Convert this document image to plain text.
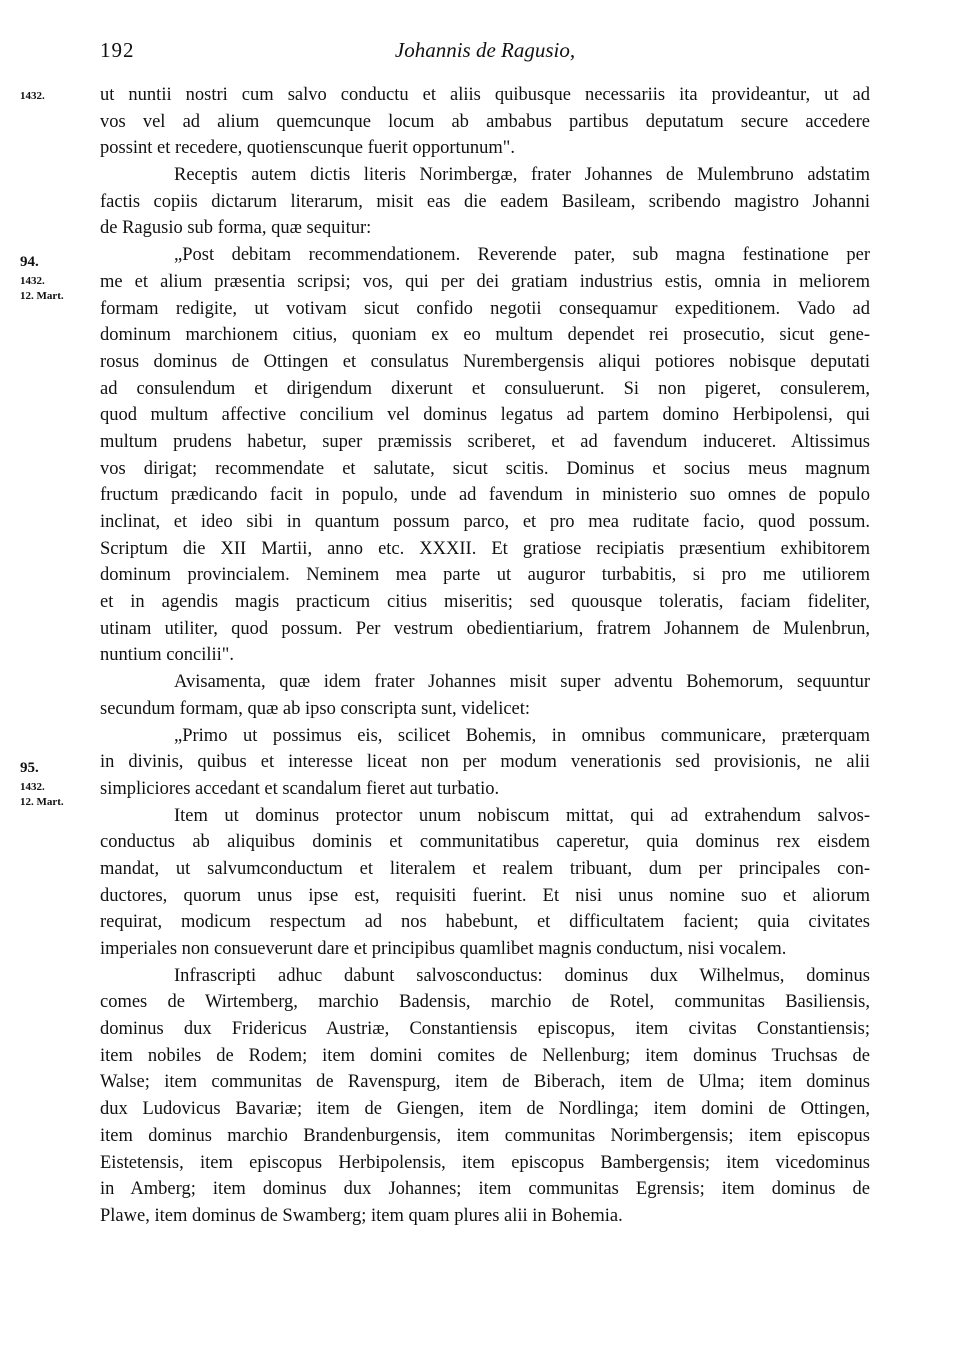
192	Johannis de Ragusio,
1432.
94.
1432.
12. Mart.
95.
1432.
12. Mart.
ut nuntii nostri cum salvo conductu et aliis quibusque necessariis ita provideantur, ut ad
vos vel ad alium quemcunque locum ab ambabus partibus deputatum secure accedere
possint et recedere, quotienscunque fuerit opportunum".
Receptis autem dictis literis Norimbergæ, frater Johannes de Mulembruno adstatim
factis copiis dictarum literarum, misit eas die eadem Basileam, scribendo magistro Johanni
de Ragusio sub forma, quæ sequitur:
„Post debitam recommendationem. Reverende pater, sub magna festinatione per
me et alium præsentia scripsi; vos, qui per dei gratiam industrius estis, omnia in meliorem
formam redigite, ut votivam sicut confido negotii consequamur expeditionem. Vado ad
dominum marchionem citius, quoniam ex eo multum dependet rei prosecutio, sicut gene-
rosus dominus de Ottingen et consulatus Nurembergensis aliqui potiores nobisque deputati
ad consulendum et dirigendum dixerunt et consuluerunt. Si non pigeret, consulerem,
quod multum affective concilium vel dominus legatus ad partem domino Herbipolensi, qui
multum prudens habetur, super præmissis scriberet, et ad favendum induceret. Altissimus
vos dirigat; recommendate et salutate, sicut scitis. Dominus et socius meus magnum
fructum prædicando facit in populo, unde ad favendum in ministerio suo omnes de populo
inclinat, et ideo sibi in quantum possum parco, et pro mea ruditate facio, quod possum.
Scriptum die XII Martii, anno etc. XXXII. Et gratiose recipiatis præsentium exhibitorem
dominum provincialem. Neminem mea parte ut auguror turbabitis, si pro me utiliorem
et in agendis magis practicum citius miseritis; sed quousque toleratis, faciam fideliter,
utinam utiliter, quod possum. Per vestrum obedientiarium, fratrem Johannem de Mulenbrun,
nuntium concilii".
Avisamenta, quæ idem frater Johannes misit super adventu Bohemorum, sequuntur
secundum formam, quæ ab ipso conscripta sunt, videlicet:
„Primo ut possimus eis, scilicet Bohemis, in omnibus communicare, præterquam
in divinis, quibus et interesse liceat non per modum venerationis sed provisionis, ne alii
simpliciores accedant et scandalum fieret aut turbatio.
Item ut dominus protector unum nobiscum mittat, qui ad extrahendum salvos-
conductus ab aliquibus dominis et communitatibus caperetur, quia dominus rex eisdem
mandat, ut salvumconductum et literalem et realem tribuant, dum per principales con-
ductores, quorum unus ipse est, requisiti fuerint. Et nisi unus nomine suo et aliorum
requirat, modicum respectum ad nos habebunt, et difficultatem facient; quia civitates
imperiales non consueverunt dare et principibus quamlibet magnis conductum, nisi vocalem.
Infrascripti adhuc dabunt salvosconductus: dominus dux Wilhelmus, dominus
comes de Wirtemberg, marchio Badensis, marchio de Rotel, communitas Basiliensis,
dominus dux Fridericus Austriæ, Constantiensis episcopus, item civitas Constantiensis;
item nobiles de Rodem; item domini comites de Nellenburg; item dominus Truchsas de
Walse; item communitas de Ravenspurg, item de Biberach, item de Ulma; item dominus
dux Ludovicus Bavariæ; item de Giengen, item de Nordlinga; item domini de Ottingen,
item dominus marchio Brandenburgensis, item communitas Norimbergensis; item episcopus
Eistetensis, item episcopus Herbipolensis, item episcopus Bambergensis; item vicedominus
in Amberg; item dominus dux Johannes; item communitas Egrensis; item dominus de
Plawe, item dominus de Swamberg; item quam plures alii in Bohemia.
